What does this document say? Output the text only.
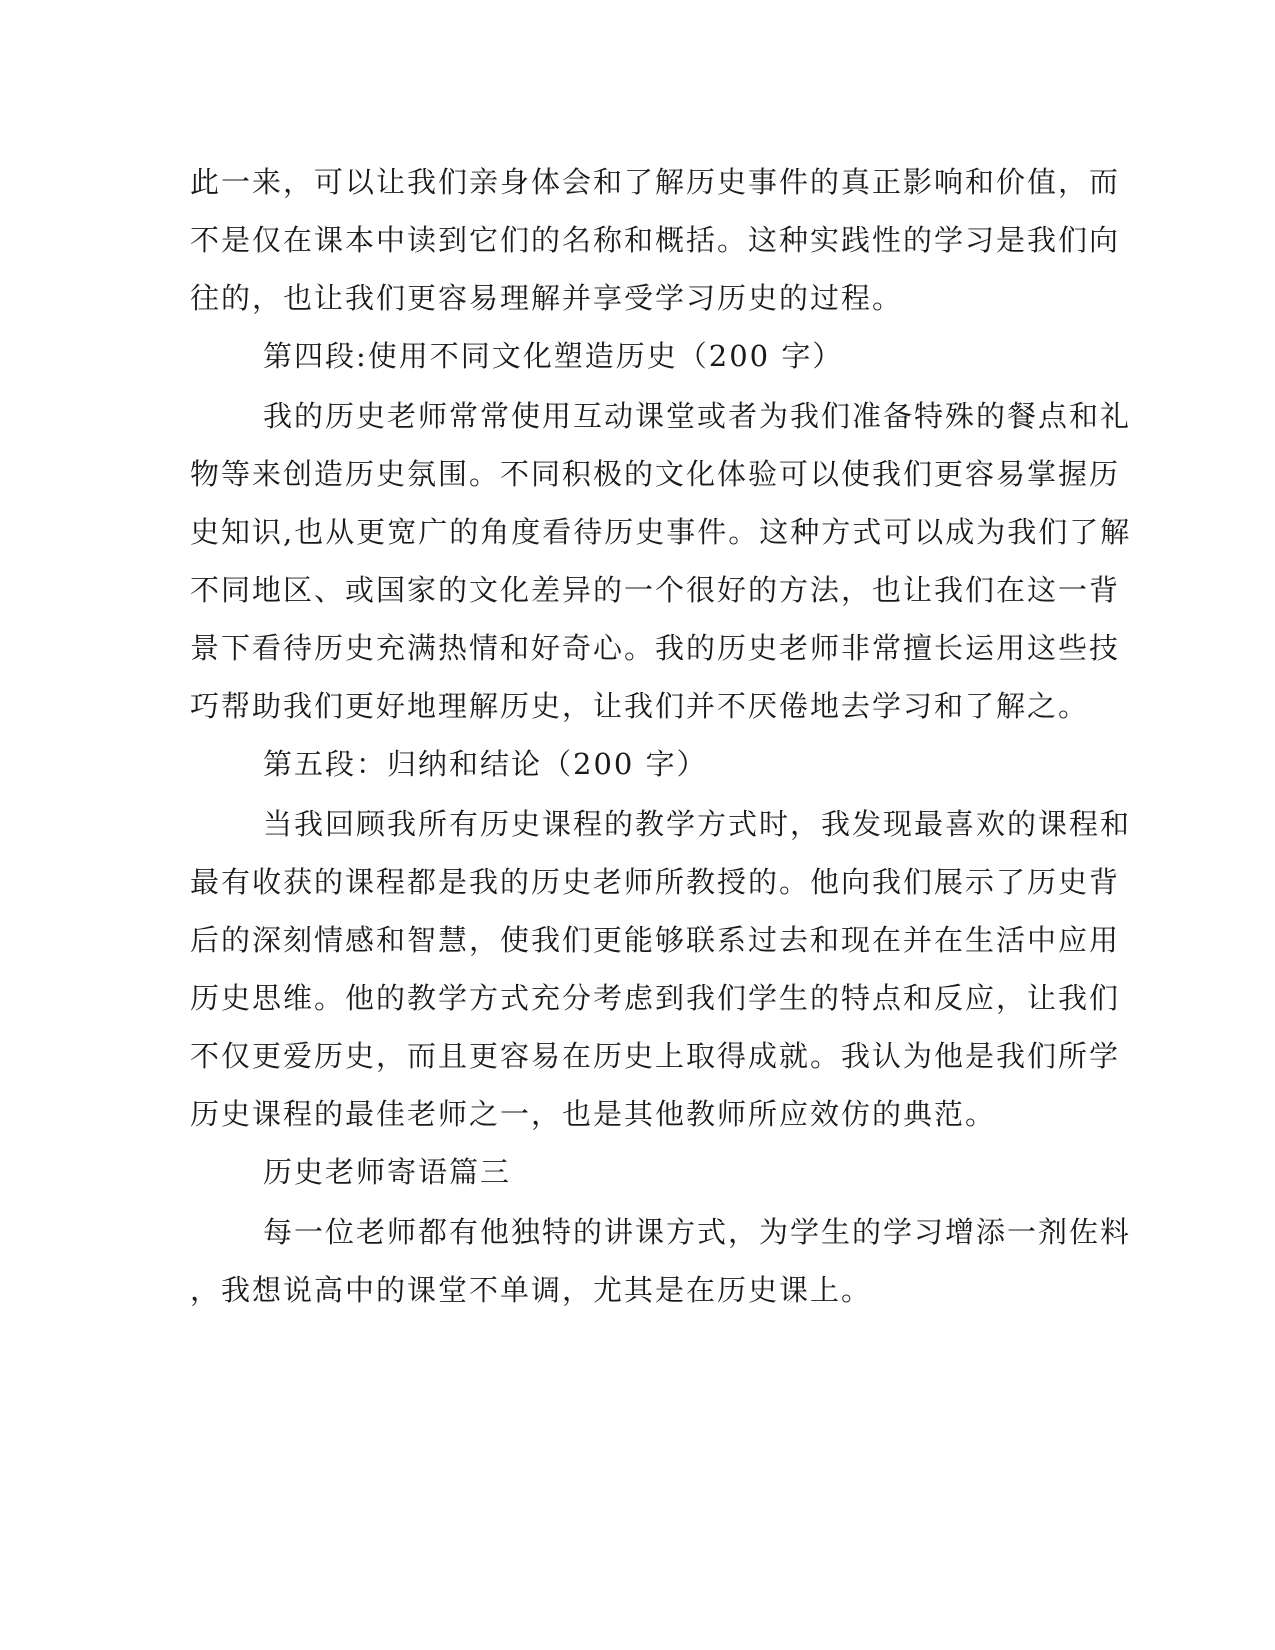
此一来，可以让我们亲身体会和了解历史事件的真正影响和价值，而
不是仅在课本中读到它们的名称和概括。这种实践性的学习是我们向
往的，也让我们更容易理解并享受学习历史的过程。
第四段:使用不同文化塑造历史（200 字）
我的历史老师常常使用互动课堂或者为我们准备特殊的餐点和礼
物等来创造历史氛围。不同积极的文化体验可以使我们更容易掌握历
史知识,也从更宽广的角度看待历史事件。这种方式可以成为我们了解
不同地区、或国家的文化差异的一个很好的方法，也让我们在这一背
景下看待历史充满热情和好奇心。我的历史老师非常擅长运用这些技
巧帮助我们更好地理解历史，让我们并不厌倦地去学习和了解之。
第五段：归纳和结论（200 字）
当我回顾我所有历史课程的教学方式时，我发现最喜欢的课程和
最有收获的课程都是我的历史老师所教授的。他向我们展示了历史背
后的深刻情感和智慧，使我们更能够联系过去和现在并在生活中应用
历史思维。他的教学方式充分考虑到我们学生的特点和反应，让我们
不仅更爱历史，而且更容易在历史上取得成就。我认为他是我们所学
历史课程的最佳老师之一，也是其他教师所应效仿的典范。
历史老师寄语篇三
每一位老师都有他独特的讲课方式，为学生的学习增添一剂佐料
，我想说高中的课堂不单调，尤其是在历史课上。
